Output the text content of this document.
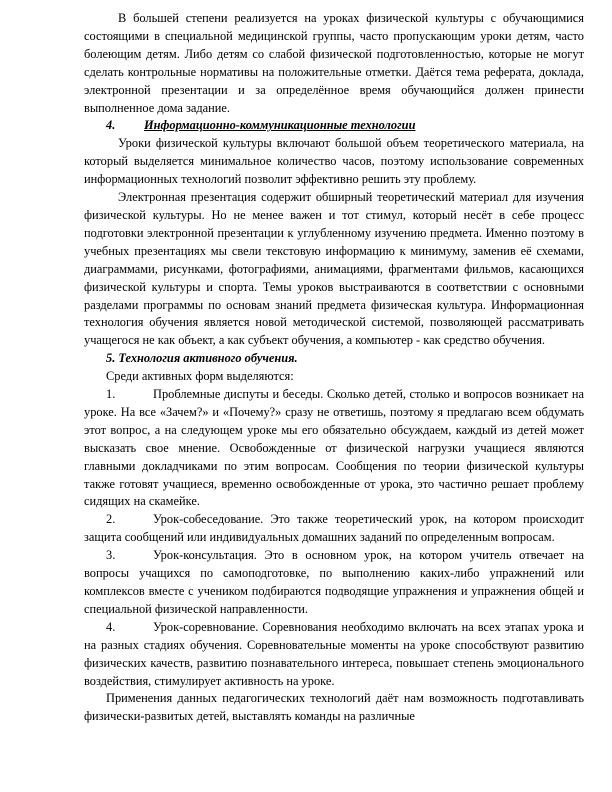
В большей степени реализуется на уроках физической культуры с обучающимися состоящими в специальной медицинской группы, часто пропускающим уроки детям, часто болеющим детям. Либо детям со слабой физической подготовленностью, которые не могут сделать контрольные нормативы на положительные отметки. Даётся тема реферата, доклада, электронной презентации и за определённое время обучающийся должен принести выполненное дома задание.

4. Информационно-коммуникационные технологии

Уроки физической культуры включают большой объем теоретического материала, на который выделяется минимальное количество часов, поэтому использование современных информационных технологий позволит эффективно решить эту проблему.

Электронная презентация содержит обширный теоретический материал для изучения физической культуры. Но не менее важен и тот стимул, который несёт в себе процесс подготовки электронной презентации к углубленному изучению предмета. Именно поэтому в учебных презентациях мы свели текстовую информацию к минимуму, заменив её схемами, диаграммами, рисунками, фотографиями, анимациями, фрагментами фильмов, касающихся физической культуры и спорта. Темы уроков выстраиваются в соответствии с основными разделами программы по основам знаний предмета физическая культура. Информационная технология обучения является новой методической системой, позволяющей рассматривать учащегося не как объект, а как субъект обучения, а компьютер - как средство обучения.

5. Технология активного обучения.

Среди активных форм выделяются:

1.	Проблемные диспуты и беседы. Сколько детей, столько и вопросов возникает на уроке. На все «Зачем?» и «Почему?» сразу не ответишь, поэтому я предлагаю всем обдумать этот вопрос, а на следующем уроке мы его обязательно обсуждаем, каждый из детей может высказать свое мнение. Освобожденные от физической нагрузки учащиеся являются главными докладчиками по этим вопросам. Сообщения по теории физической культуры также готовят учащиеся, временно освобожденные от урока, это частично решает проблему сидящих на скамейке.

2.	Урок-собеседование. Это также теоретический урок, на котором происходит защита сообщений или индивидуальных домашних заданий по определенным вопросам.

3.	Урок-консультация. Это в основном урок, на котором учитель отвечает на вопросы учащихся по самоподготовке, по выполнению каких-либо упражнений или комплексов вместе с учеником подбираются подводящие упражнения и упражнения общей и специальной физической направленности.

4.	Урок-соревнование. Соревнования необходимо включать на всех этапах урока и на разных стадиях обучения. Соревновательные моменты на уроке способствуют развитию физических качеств, развитию познавательного интереса, повышает степень эмоционального воздействия, стимулирует активность на уроке.

Применения данных педагогических технологий даёт нам возможность подготавливать физически-развитых детей, выставлять команды на различные
